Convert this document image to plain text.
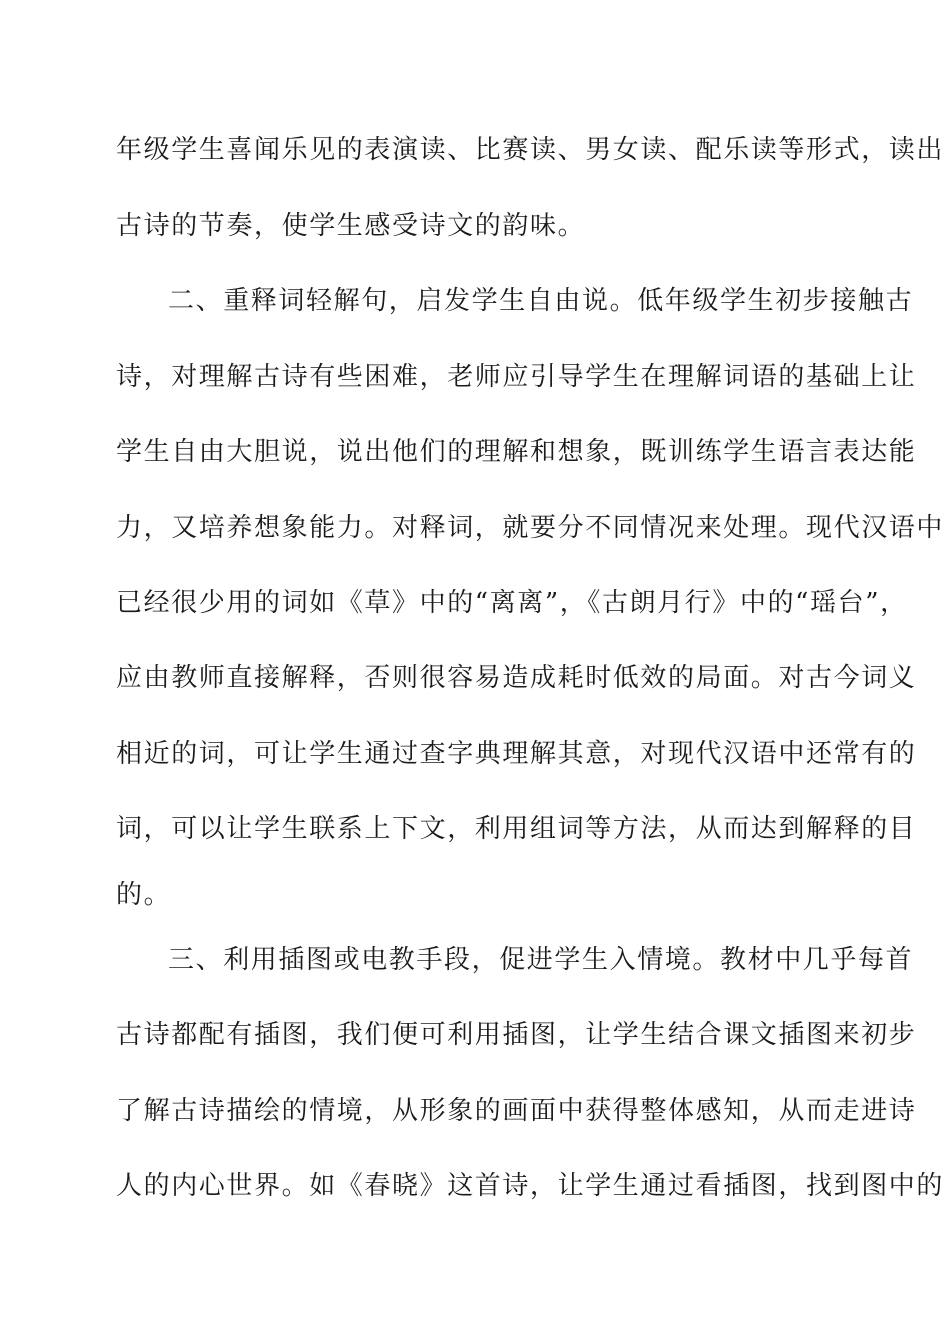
年级学生喜闻乐见的表演读、比赛读、男女读、配乐读等形式，读出
古诗的节奏，使学生感受诗文的韵味。
二、重释词轻解句，启发学生自由说。低年级学生初步接触古
诗，对理解古诗有些困难，老师应引导学生在理解词语的基础上让
学生自由大胆说，说出他们的理解和想象，既训练学生语言表达能
力，又培养想象能力。对释词，就要分不同情况来处理。现代汉语中
已经很少用的词如《草》中的“离离”，《古朗月行》中的“瑶台”，
应由教师直接解释，否则很容易造成耗时低效的局面。对古今词义
相近的词，可让学生通过查字典理解其意，对现代汉语中还常有的
词，可以让学生联系上下文，利用组词等方法，从而达到解释的目
的。
三、利用插图或电教手段，促进学生入情境。教材中几乎每首
古诗都配有插图，我们便可利用插图，让学生结合课文插图来初步
了解古诗描绘的情境，从形象的画面中获得整体感知，从而走进诗
人的内心世界。如《春晓》这首诗，让学生通过看插图，找到图中的
